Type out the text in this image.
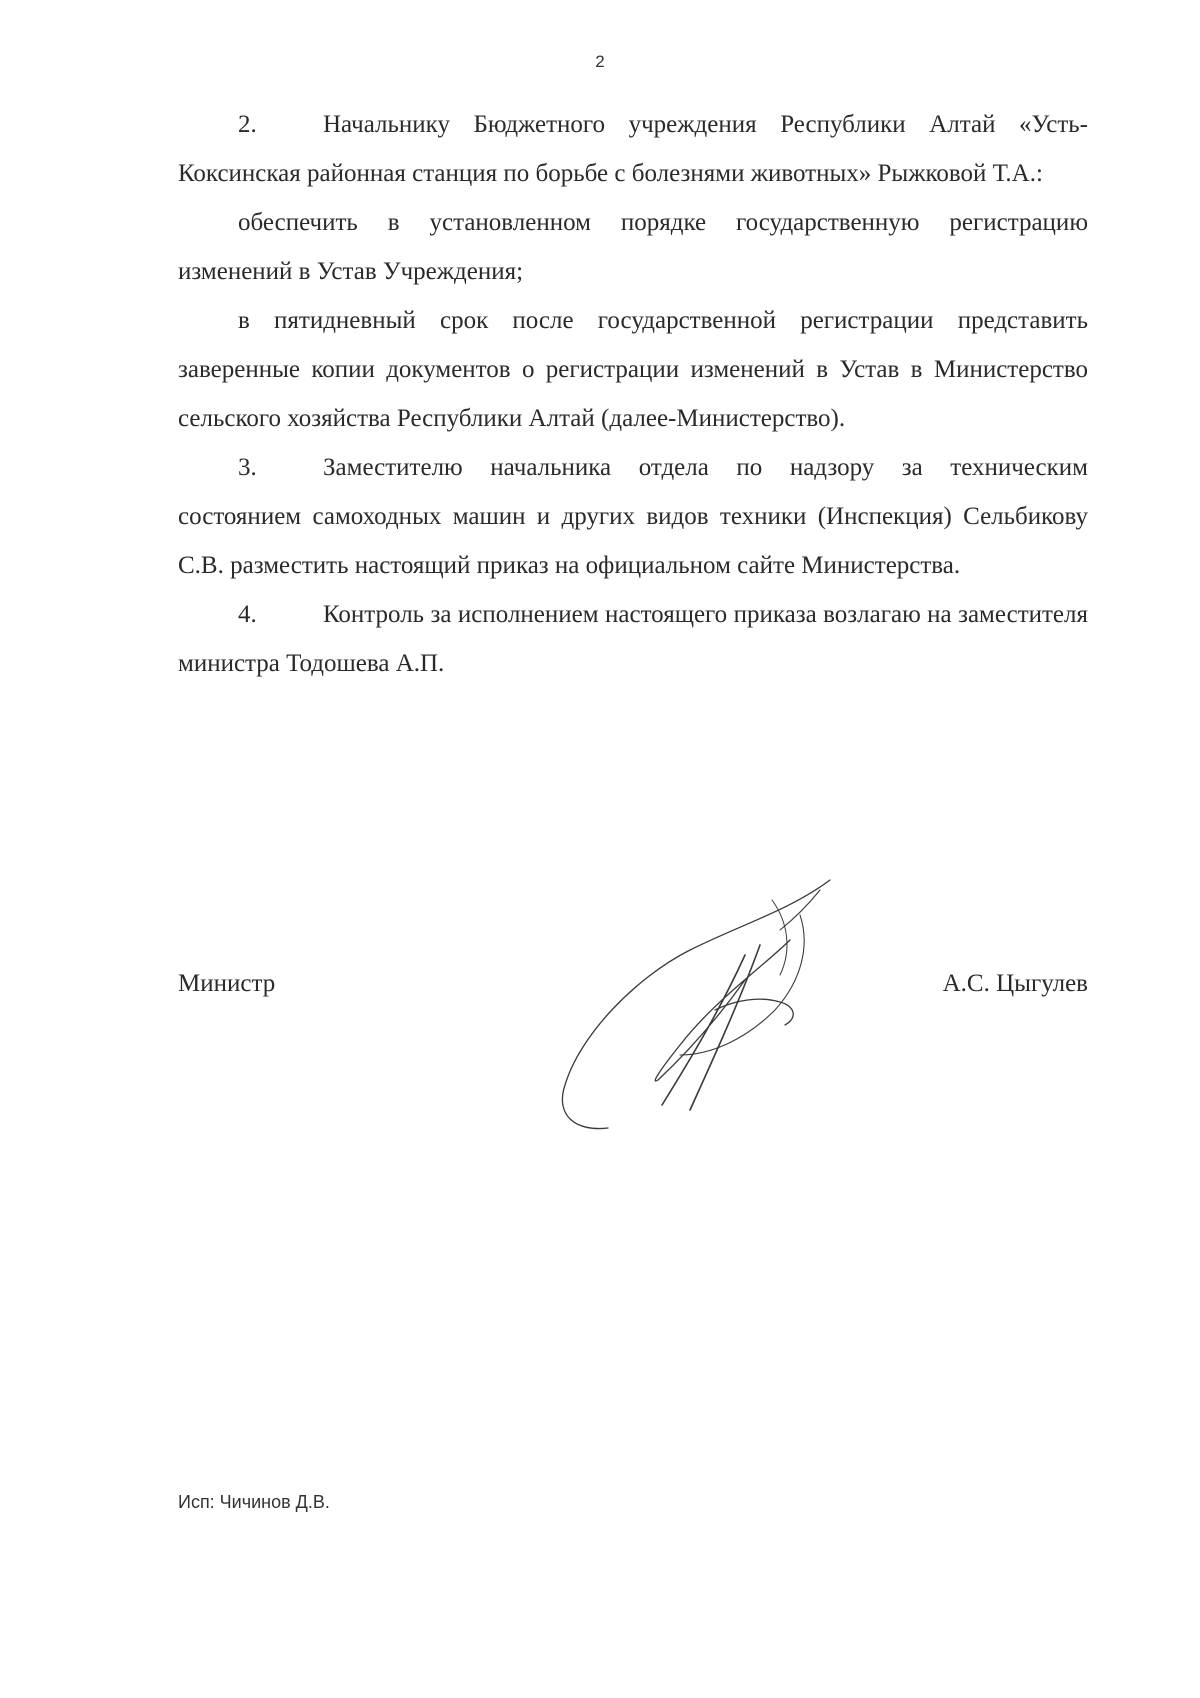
2

2.	Начальнику Бюджетного учреждения Республики Алтай «Усть-Коксинская районная станция по борьбе с болезнями животных» Рыжковой Т.А.:

обеспечить в установленном порядке государственную регистрацию изменений в Устав Учреждения;

в пятидневный срок после государственной регистрации представить заверенные копии документов о регистрации изменений в Устав в Министерство сельского хозяйства Республики Алтай (далее-Министерство).

3.	Заместителю начальника отдела по надзору за техническим состоянием самоходных машин и других видов техники (Инспекция) Сельбикову С.В. разместить настоящий приказ на официальном сайте Министерства.

4.	Контроль за исполнением настоящего приказа возлагаю на заместителя министра Тодошева А.П.

Министр	А.С. Цыгулев
Исп: Чичинов Д.В.
